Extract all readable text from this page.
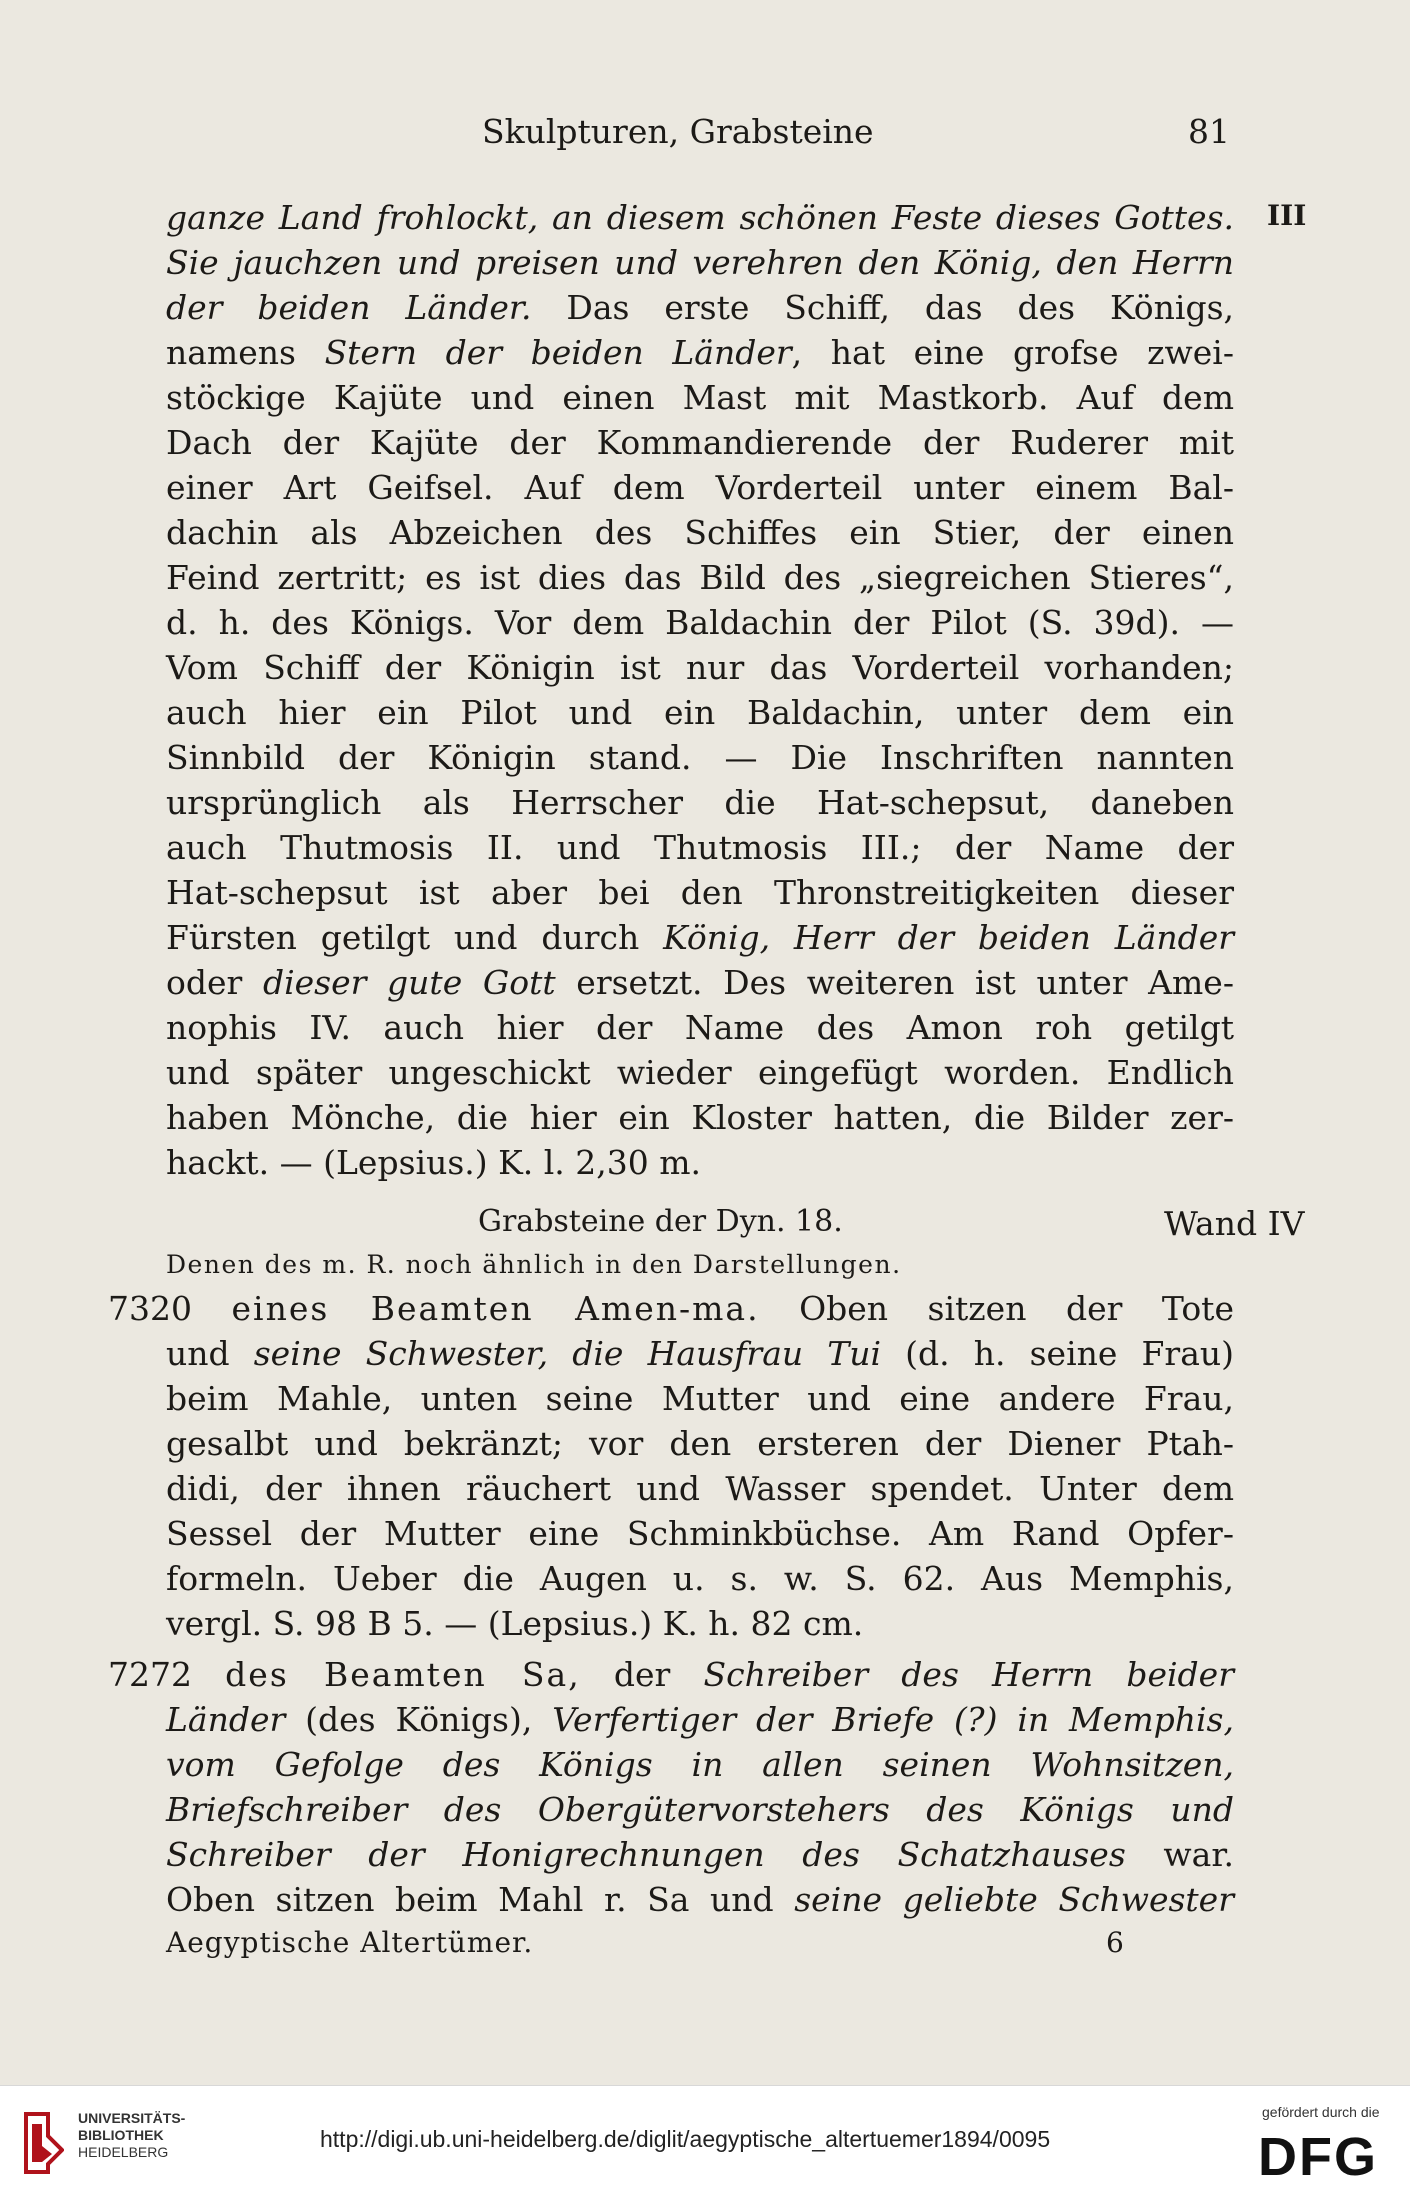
Skulpturen, Grabsteine	81
III
ganze Land frohlockt, an diesem schönen Feste dieses Gottes.
Sie jauchzen und preisen und verehren den König, den Herrn
der beiden Länder. Das erste Schiff, das des Königs,
namens Stern der beiden Länder, hat eine grofse zwei-
stöckige Kajüte und einen Mast mit Mastkorb. Auf dem
Dach der Kajüte der Kommandierende der Ruderer mit
einer Art Geifsel. Auf dem Vorderteil unter einem Bal-
dachin als Abzeichen des Schiffes ein Stier, der einen
Feind zertritt; es ist dies das Bild des „siegreichen Stieres“,
d. h. des Königs. Vor dem Baldachin der Pilot (S. 39d). —
Vom Schiff der Königin ist nur das Vorderteil vorhanden;
auch hier ein Pilot und ein Baldachin, unter dem ein
Sinnbild der Königin stand. — Die Inschriften nannten
ursprünglich als Herrscher die Hat-schepsut, daneben
auch Thutmosis II. und Thutmosis III.; der Name der
Hat-schepsut ist aber bei den Thronstreitigkeiten dieser
Fürsten getilgt und durch König, Herr der beiden Länder
oder dieser gute Gott ersetzt. Des weiteren ist unter Ame-
nophis IV. auch hier der Name des Amon roh getilgt
und später ungeschickt wieder eingefügt worden. Endlich
haben Mönche, die hier ein Kloster hatten, die Bilder zer-
hackt. — (Lepsius.) K. l. 2,30 m.
Grabsteine der Dyn. 18.	Wand IV
Denen des m. R. noch ähnlich in den Darstellungen.
7320 eines Beamten Amen-ma. Oben sitzen der Tote
und seine Schwester, die Hausfrau Tui (d. h. seine Frau)
beim Mahle, unten seine Mutter und eine andere Frau,
gesalbt und bekränzt; vor den ersteren der Diener Ptah-
didi, der ihnen räuchert und Wasser spendet. Unter dem
Sessel der Mutter eine Schminkbüchse. Am Rand Opfer-
formeln. Ueber die Augen u. s. w. S. 62. Aus Memphis,
vergl. S. 98 B 5. — (Lepsius.) K. h. 82 cm.
7272 des Beamten Sa, der Schreiber des Herrn beider
Länder (des Königs), Verfertiger der Briefe (?) in Memphis,
vom Gefolge des Königs in allen seinen Wohnsitzen,
Briefschreiber des Obergütervorstehers des Königs und
Schreiber der Honigrechnungen des Schatzhauses war.
Oben sitzen beim Mahl r. Sa und seine geliebte Schwester
Aegyptische Altertümer.	6
UNIVERSITÄTS-
BIBLIOTHEK
HEIDELBERG	http://digi.ub.uni-heidelberg.de/diglit/aegyptische_altertuemer1894/0095
gefördert durch die
DFG
